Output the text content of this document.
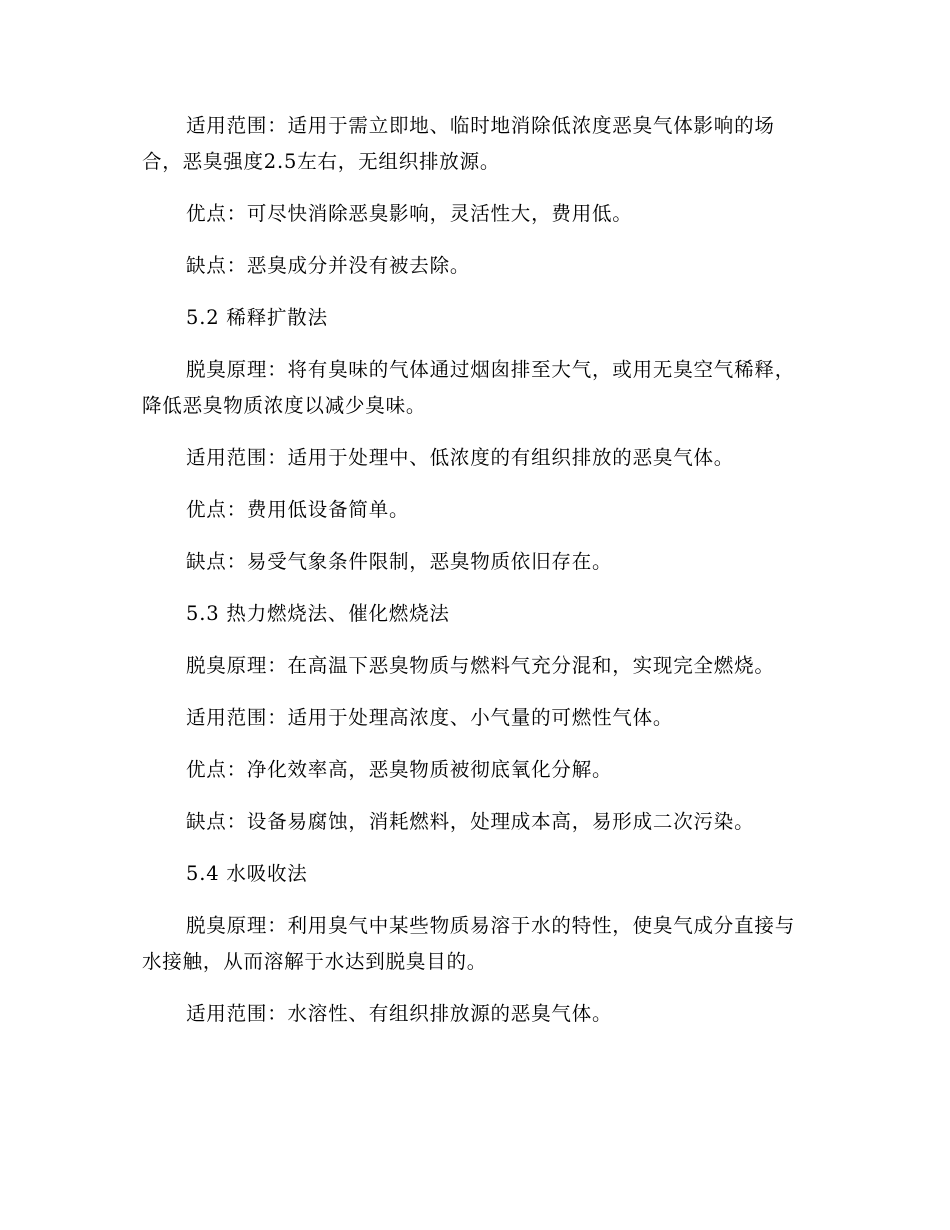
适用范围：适用于需立即地、临时地消除低浓度恶臭气体影响的场合，恶臭强度2.5左右，无组织排放源。

优点：可尽快消除恶臭影响，灵活性大，费用低。

缺点：恶臭成分并没有被去除。

5.2 稀释扩散法

脱臭原理：将有臭味的气体通过烟囱排至大气，或用无臭空气稀释，降低恶臭物质浓度以减少臭味。

适用范围：适用于处理中、低浓度的有组织排放的恶臭气体。

优点：费用低设备简单。

缺点：易受气象条件限制，恶臭物质依旧存在。

5.3 热力燃烧法、催化燃烧法

脱臭原理：在高温下恶臭物质与燃料气充分混和，实现完全燃烧。

适用范围：适用于处理高浓度、小气量的可燃性气体。

优点：净化效率高，恶臭物质被彻底氧化分解。

缺点：设备易腐蚀，消耗燃料，处理成本高，易形成二次污染。

5.4 水吸收法

脱臭原理：利用臭气中某些物质易溶于水的特性，使臭气成分直接与水接触，从而溶解于水达到脱臭目的。

适用范围：水溶性、有组织排放源的恶臭气体。
